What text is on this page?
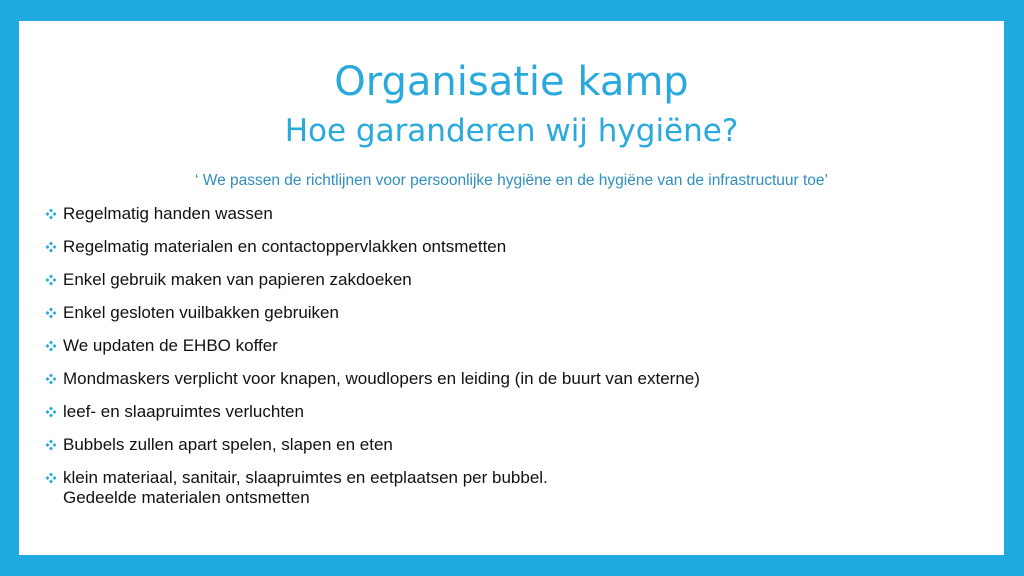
Organisatie kamp
Hoe garanderen wij hygiëne?
‘ We passen de richtlijnen voor persoonlijke hygiëne en de hygiëne van de infrastructuur toe’
Regelmatig handen wassen
Regelmatig materialen en contactoppervlakken ontsmetten
Enkel gebruik maken van papieren zakdoeken
Enkel gesloten vuilbakken gebruiken
We updaten de EHBO koffer
Mondmaskers verplicht voor knapen, woudlopers en leiding (in de buurt van externe)
leef- en slaapruimtes verluchten
Bubbels zullen apart spelen, slapen en eten
klein materiaal, sanitair, slaapruimtes en eetplaatsen per bubbel.
Gedeelde materialen ontsmetten
